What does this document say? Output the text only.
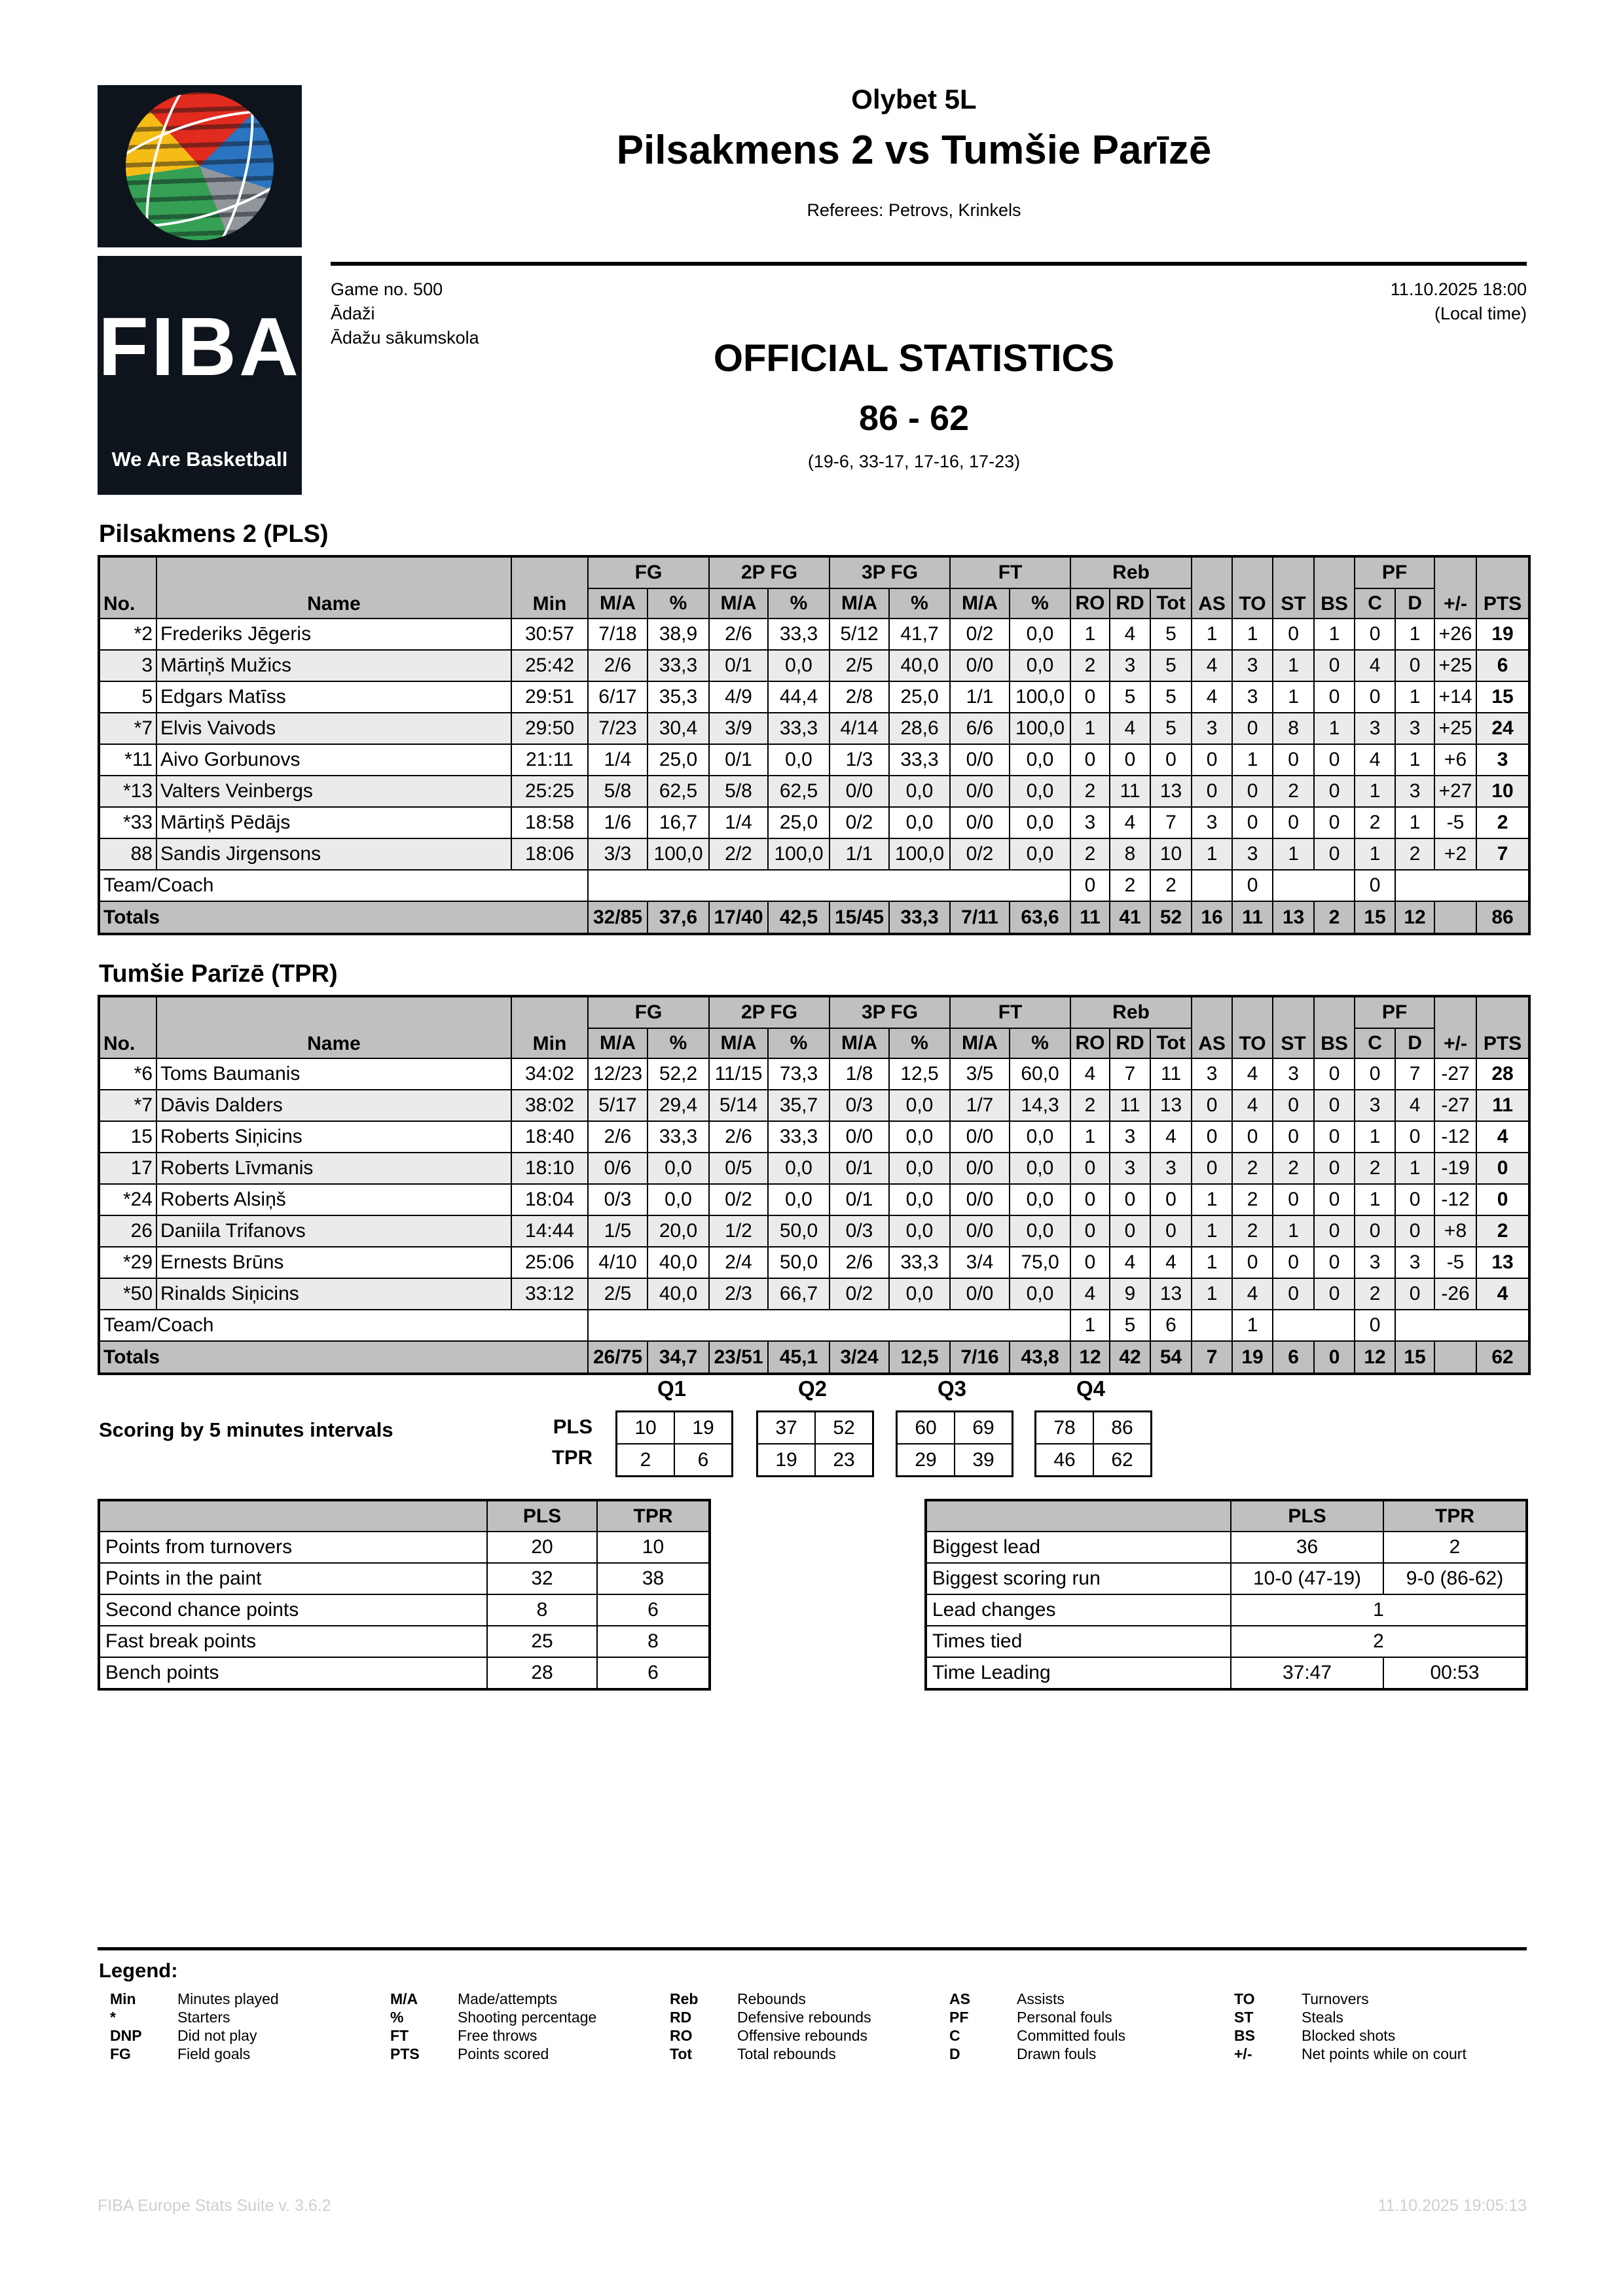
FIBA
We Are Basketball
Olybet 5L
Pilsakmens 2 vs Tumšie Parīzē
Referees: Petrovs, Krinkels
Game no. 500
Ādaži
Ādažu sākumskola
11.10.2025 18:00
(Local time)
OFFICIAL STATISTICS
86 - 62
(19-6, 33-17, 17-16, 17-23)
Pilsakmens 2 (PLS)
No.	Name	Min	FG		2P FG		3P FG		FT		Reb			AS	TO	ST	BS	PF		+/-	PTS
			M/A	%	M/A	%	M/A	%	M/A	%	RO	RD	Tot					C	D		
*2	Frederiks Jēgeris	30:57	7/18	38,9	2/6	33,3	5/12	41,7	0/2	0,0	1	4	5	1	1	0	1	0	1	+26	19
3	Mārtiņš Mužics	25:42	2/6	33,3	0/1	0,0	2/5	40,0	0/0	0,0	2	3	5	4	3	1	0	4	0	+25	6
5	Edgars Matīss	29:51	6/17	35,3	4/9	44,4	2/8	25,0	1/1	100,0	0	5	5	4	3	1	0	0	1	+14	15
*7	Elvis Vaivods	29:50	7/23	30,4	3/9	33,3	4/14	28,6	6/6	100,0	1	4	5	3	0	8	1	3	3	+25	24
*11	Aivo Gorbunovs	21:11	1/4	25,0	0/1	0,0	1/3	33,3	0/0	0,0	0	0	0	0	1	0	0	4	1	+6	3
*13	Valters Veinbergs	25:25	5/8	62,5	5/8	62,5	0/0	0,0	0/0	0,0	2	11	13	0	0	2	0	1	3	+27	10
*33	Mārtiņš Pēdājs	18:58	1/6	16,7	1/4	25,0	0/2	0,0	0/0	0,0	3	4	7	3	0	0	0	2	1	-5	2
88	Sandis Jirgensons	18:06	3/3	100,0	2/2	100,0	1/1	100,0	0/2	0,0	2	8	10	1	3	1	0	1	2	+2	7
Team/Coach											0	2	2		0			0			
Totals			32/85	37,6	17/40	42,5	15/45	33,3	7/11	63,6	11	41	52	16	11	13	2	15	12		86
Tumšie Parīzē (TPR)
No.	Name	Min	FG		2P FG		3P FG		FT		Reb			AS	TO	ST	BS	PF		+/-	PTS
			M/A	%	M/A	%	M/A	%	M/A	%	RO	RD	Tot					C	D		
*6	Toms Baumanis	34:02	12/23	52,2	11/15	73,3	1/8	12,5	3/5	60,0	4	7	11	3	4	3	0	0	7	-27	28
*7	Dāvis Dalders	38:02	5/17	29,4	5/14	35,7	0/3	0,0	1/7	14,3	2	11	13	0	4	0	0	3	4	-27	11
15	Roberts Siņicins	18:40	2/6	33,3	2/6	33,3	0/0	0,0	0/0	0,0	1	3	4	0	0	0	0	1	0	-12	4
17	Roberts Līvmanis	18:10	0/6	0,0	0/5	0,0	0/1	0,0	0/0	0,0	0	3	3	0	2	2	0	2	1	-19	0
*24	Roberts Alsiņš	18:04	0/3	0,0	0/2	0,0	0/1	0,0	0/0	0,0	0	0	0	1	2	0	0	1	0	-12	0
26	Daniila Trifanovs	14:44	1/5	20,0	1/2	50,0	0/3	0,0	0/0	0,0	0	0	0	1	2	1	0	0	0	+8	2
*29	Ernests Brūns	25:06	4/10	40,0	2/4	50,0	2/6	33,3	3/4	75,0	0	4	4	1	0	0	0	3	3	-5	13
*50	Rinalds Siņicins	33:12	2/5	40,0	2/3	66,7	0/2	0,0	0/0	0,0	4	9	13	1	4	0	0	2	0	-26	4
Team/Coach											1	5	6		1			0			
Totals			26/75	34,7	23/51	45,1	3/24	12,5	7/16	43,8	12	42	54	7	19	6	0	12	15		62
Scoring by 5 minutes intervals
Q1	Q2	Q3	Q4
PLS
TPR
10	19
2	6
37	52
19	23
60	69
29	39
78	86
46	62
	PLS	TPR
Points from turnovers	20	10
Points in the paint	32	38
Second chance points	8	6
Fast break points	25	8
Bench points	28	6
	PLS	TPR
Biggest lead	36	2
Biggest scoring run	10-0 (47-19)	9-0 (86-62)
Lead changes	1	
Times tied	2	
Time Leading	37:47	00:53
Legend:
Min	Minutes played
*	Starters
DNP	Did not play
FG	Field goals
M/A	Made/attempts
%	Shooting percentage
FT	Free throws
PTS	Points scored
Reb	Rebounds
RD	Defensive rebounds
RO	Offensive rebounds
Tot	Total rebounds
AS	Assists
PF	Personal fouls
C	Committed fouls
D	Drawn fouls
TO	Turnovers
ST	Steals
BS	Blocked shots
+/-	Net points while on court
FIBA Europe Stats Suite v. 3.6.2	11.10.2025 19:05:13
